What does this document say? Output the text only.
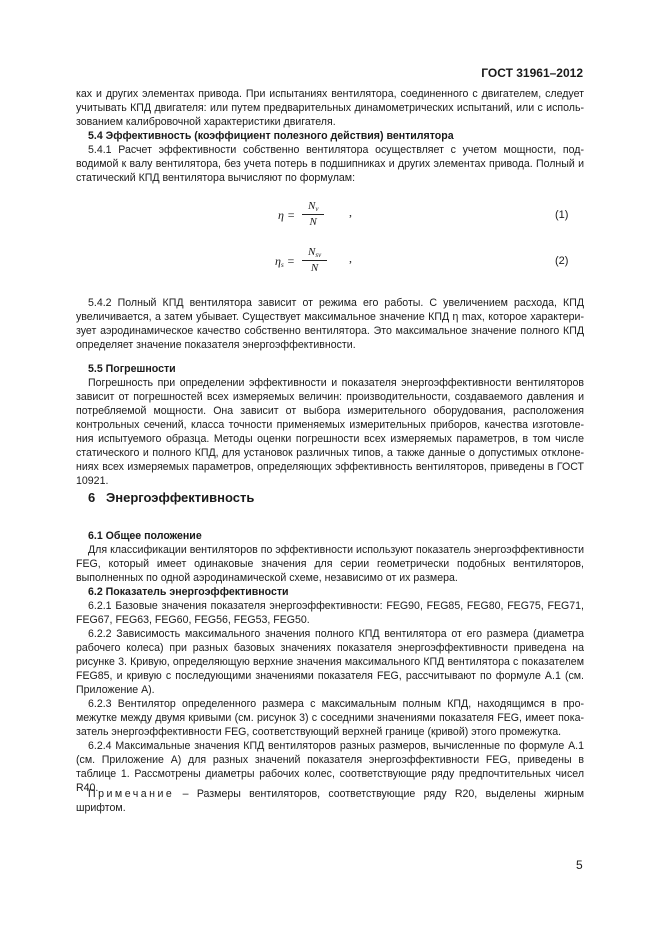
ГОСТ 31961–2012

ках и других элементах привода. При испытаниях вентилятора, соединенного с двигателем, следует учитывать КПД двигателя: или путем предварительных динамометрических испытаний, или с использованием калибровочной характеристики двигателя.

5.4 Эффективность (коэффициент полезного действия) вентилятора

5.4.1 Расчет эффективности собственно вентилятора осуществляет с учетом мощности, подводимой к валу вентилятора, без учета потерь в подшипниках и других элементах привода. Полный и статический КПД вентилятора вычисляют по формулам:

$\eta = \frac{N_v}{N}$ ,	(1)
$\eta_s$ =
$N_{sv}$
N
,	(2)

5.4.2 Полный КПД вентилятора зависит от режима его работы. С увеличением расхода, КПД увеличивается, а затем убывает. Существует максимальное значение КПД η max, которое характеризует аэродинамическое качество собственно вентилятора. Это максимальное значение полного КПД определяет значение показателя энергоэффективности.

5.5 Погрешности

Погрешность при определении эффективности и показателя энергоэффективности вентиляторов зависит от погрешностей всех измеряемых величин: производительности, создаваемого давления и потребляемой мощности. Она зависит от выбора измерительного оборудования, расположения контрольных сечений, класса точности применяемых измерительных приборов, качества изготовления испытуемого образца. Методы оценки погрешности всех измеряемых параметров, в том числе статического и полного КПД, для установок различных типов, а также данные о допустимых отклонениях всех измеряемых параметров, определяющих эффективность вентиляторов, приведены в ГОСТ 10921.

6 Энергоэффективность

6.1 Общее положение

Для классификации вентиляторов по эффективности используют показатель энергоэффективности FEG, который имеет одинаковые значения для серии геометрически подобных вентиляторов, выполненных по одной аэродинамической схеме, независимо от их размера.

6.2 Показатель энергоэффективности

6.2.1 Базовые значения показателя энергоэффективности: FEG90, FEG85, FEG80, FEG75, FEG71, FEG67, FEG63, FEG60, FEG56, FEG53, FEG50.

6.2.2 Зависимость максимального значения полного КПД вентилятора от его размера (диаметра рабочего колеса) при разных базовых значениях показателя энергоэффективности приведена на рисунке 3. Кривую, определяющую верхние значения максимального КПД вентилятора с показателем FEG85, и кривую с последующими значениями показателя FEG, рассчитывают по формуле А.1 (см. Приложение А).

6.2.3 Вентилятор определенного размера с максимальным полным КПД, находящимся в промежутке между двумя кривыми (см. рисунок 3) с соседними значениями показателя FEG, имеет показатель энергоэффективности FEG, соответствующий верхней границе (кривой) этого промежутка.

6.2.4 Максимальные значения КПД вентиляторов разных размеров, вычисленные по формуле А.1 (см. Приложение А) для разных значений показателя энергоэффективности FEG, приведены в таблице 1. Рассмотрены диаметры рабочих колес, соответствующие ряду предпочтительных чисел R40.

Примечание – Размеры вентиляторов, соответствующие ряду R20, выделены жирным шрифтом.

5
